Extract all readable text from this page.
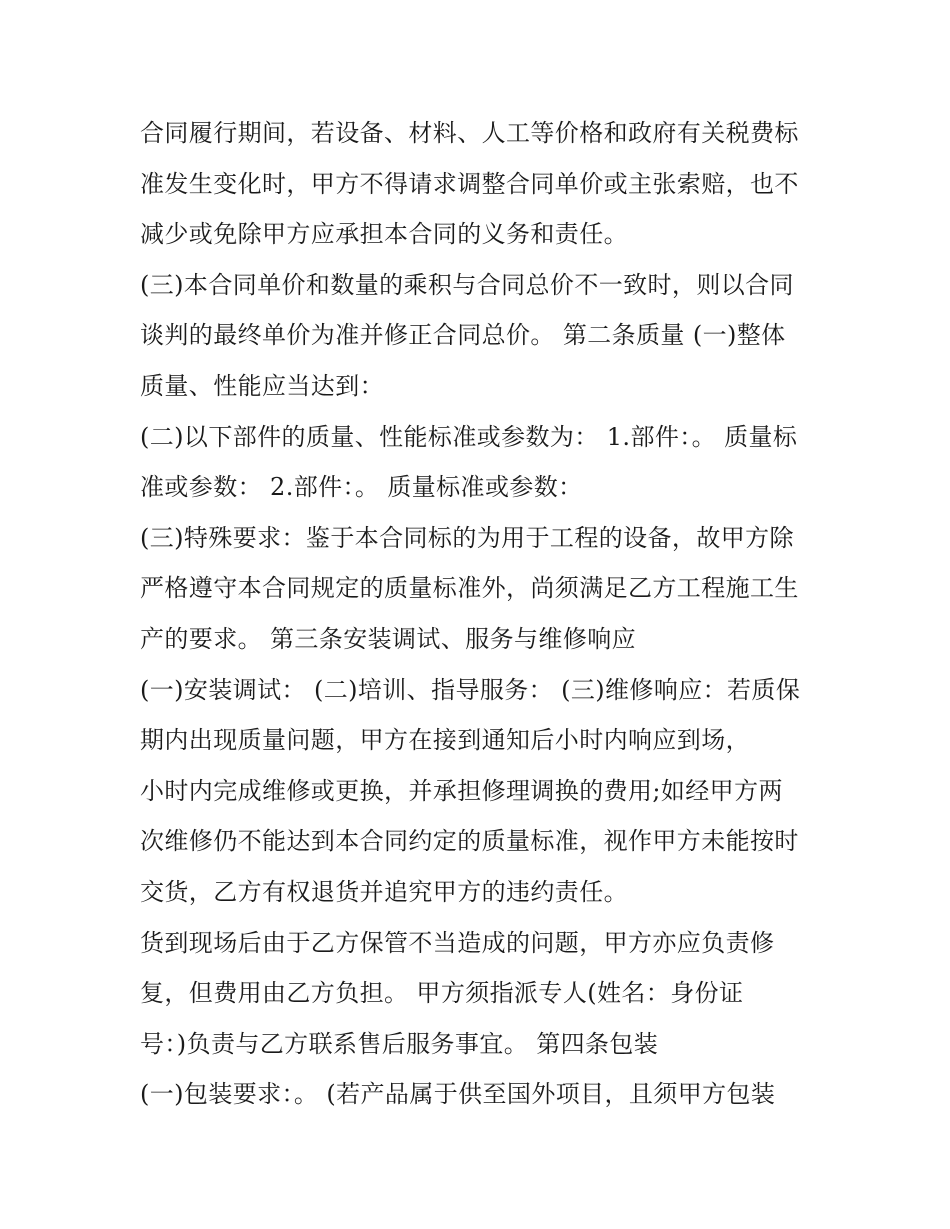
合同履行期间，若设备、材料、人工等价格和政府有关税费标
准发生变化时，甲方不得请求调整合同单价或主张索赔，也不
减少或免除甲方应承担本合同的义务和责任。
(三)本合同单价和数量的乘积与合同总价不一致时，则以合同
谈判的最终单价为准并修正合同总价。 第二条质量 (一)整体
质量、性能应当达到：
(二)以下部件的质量、性能标准或参数为： 1.部件：。 质量标
准或参数： 2.部件：。 质量标准或参数：
(三)特殊要求：鉴于本合同标的为用于工程的设备，故甲方除
严格遵守本合同规定的质量标准外，尚须满足乙方工程施工生
产的要求。 第三条安装调试、服务与维修响应
(一)安装调试： (二)培训、指导服务： (三)维修响应：若质保
期内出现质量问题，甲方在接到通知后小时内响应到场，
小时内完成维修或更换，并承担修理调换的费用;如经甲方两
次维修仍不能达到本合同约定的质量标准，视作甲方未能按时
交货，乙方有权退货并追究甲方的违约责任。
货到现场后由于乙方保管不当造成的问题，甲方亦应负责修
复，但费用由乙方负担。 甲方须指派专人(姓名：身份证
号：)负责与乙方联系售后服务事宜。 第四条包装
(一)包装要求：。 (若产品属于供至国外项目，且须甲方包装
